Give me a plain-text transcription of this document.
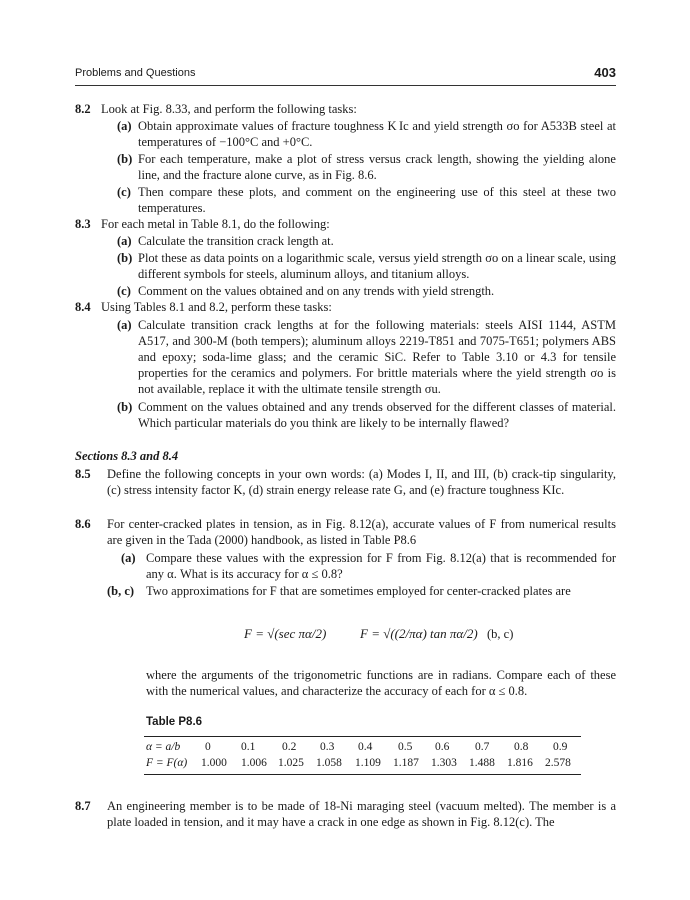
Problems and Questions	403
8.2 Look at Fig. 8.33, and perform the following tasks:

(a) Obtain approximate values of fracture toughness K Ic and yield strength σo for A533B steel at temperatures of −100°C and +0°C.

(b) For each temperature, make a plot of stress versus crack length, showing the yielding alone line, and the fracture alone curve, as in Fig. 8.6.

(c) Then compare these plots, and comment on the engineering use of this steel at these two temperatures.

8.3 For each metal in Table 8.1, do the following:

(a) Calculate the transition crack length at.

(b) Plot these as data points on a logarithmic scale, versus yield strength σo on a linear scale, using different symbols for steels, aluminum alloys, and titanium alloys.

(c) Comment on the values obtained and on any trends with yield strength.

8.4 Using Tables 8.1 and 8.2, perform these tasks:

(a) Calculate transition crack lengths at for the following materials: steels AISI 1144, ASTM A517, and 300-M (both tempers); aluminum alloys 2219-T851 and 7075-T651; polymers ABS and epoxy; soda-lime glass; and the ceramic SiC. Refer to Table 3.10 or 4.3 for tensile properties for the ceramics and polymers. For brittle materials where the yield strength σo is not available, replace it with the ultimate tensile strength σu.

(b) Comment on the values obtained and any trends observed for the different classes of material. Which particular materials do you think are likely to be internally flawed?

Sections 8.3 and 8.4
8.5 Define the following concepts in your own words: (a) Modes I, II, and III, (b) crack-tip singularity, (c) stress intensity factor K, (d) strain energy release rate G, and (e) fracture toughness KIc.

8.6 For center-cracked plates in tension, as in Fig. 8.12(a), accurate values of F from numerical results are given in the Tada (2000) handbook, as listed in Table P8.6

(a) Compare these values with the expression for F from Fig. 8.12(a) that is recommended for any α. What is its accuracy for α ≤ 0.8?

(b, c) Two approximations for F that are sometimes employed for center-cracked plates are

F = √(sec πα/2)	F = √((2/πα) tan πα/2) (b, c)

where the arguments of the trigonometric functions are in radians. Compare each of these with the numerical values, and characterize the accuracy of each for α ≤ 0.8.

Table P8.6
α = a/b 0	0.1 0.2 0.3 0.4 0.5 0.6 0.7 0.8 0.9
F = F(α) 1.000 1.006 1.025 1.058 1.109 1.187 1.303 1.488 1.816 2.578
8.7 An engineering member is to be made of 18-Ni maraging steel (vacuum melted). The member is a plate loaded in tension, and it may have a crack in one edge as shown in Fig. 8.12(c). The
